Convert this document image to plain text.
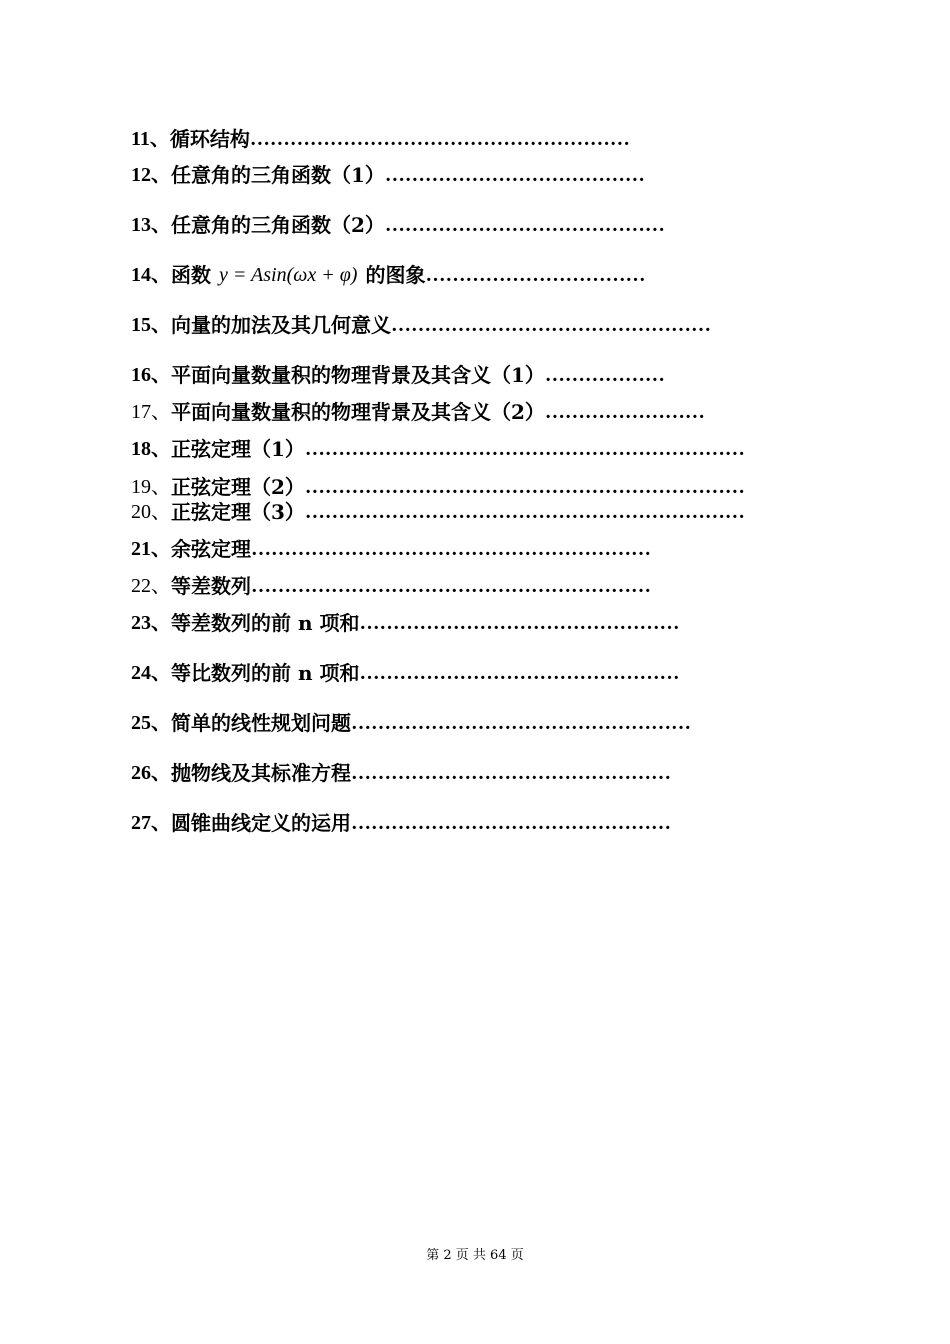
11、 循环结构 …………………………………………………
12、 任意角的三角函数（1） …………………………………
13、 任意角的三角函数（2） ……………………………………
14、 函数 y = Asin(ωx + φ) 的图象 ……………………………
15、 向量的加法及其几何意义 …………………………………………
16、 平面向量数量积的物理背景及其含义（1） ………………
17、 平面向量数量积的物理背景及其含义（2） ……………………
18、 正弦定理（1） …………………………………………………………
19、 正弦定理（2） …………………………………………………………
20、 正弦定理（3） …………………………………………………………
21、 余弦定理 ……………………………………………………
22、 等差数列 ……………………………………………………
23、 等差数列的前 n 项和 …………………………………………
24、 等比数列的前 n 项和 …………………………………………
25、 简单的线性规划问题 ……………………………………………
26、 抛物线及其标准方程 …………………………………………
27、 圆锥曲线定义的运用 …………………………………………
第 2 页 共 64 页
